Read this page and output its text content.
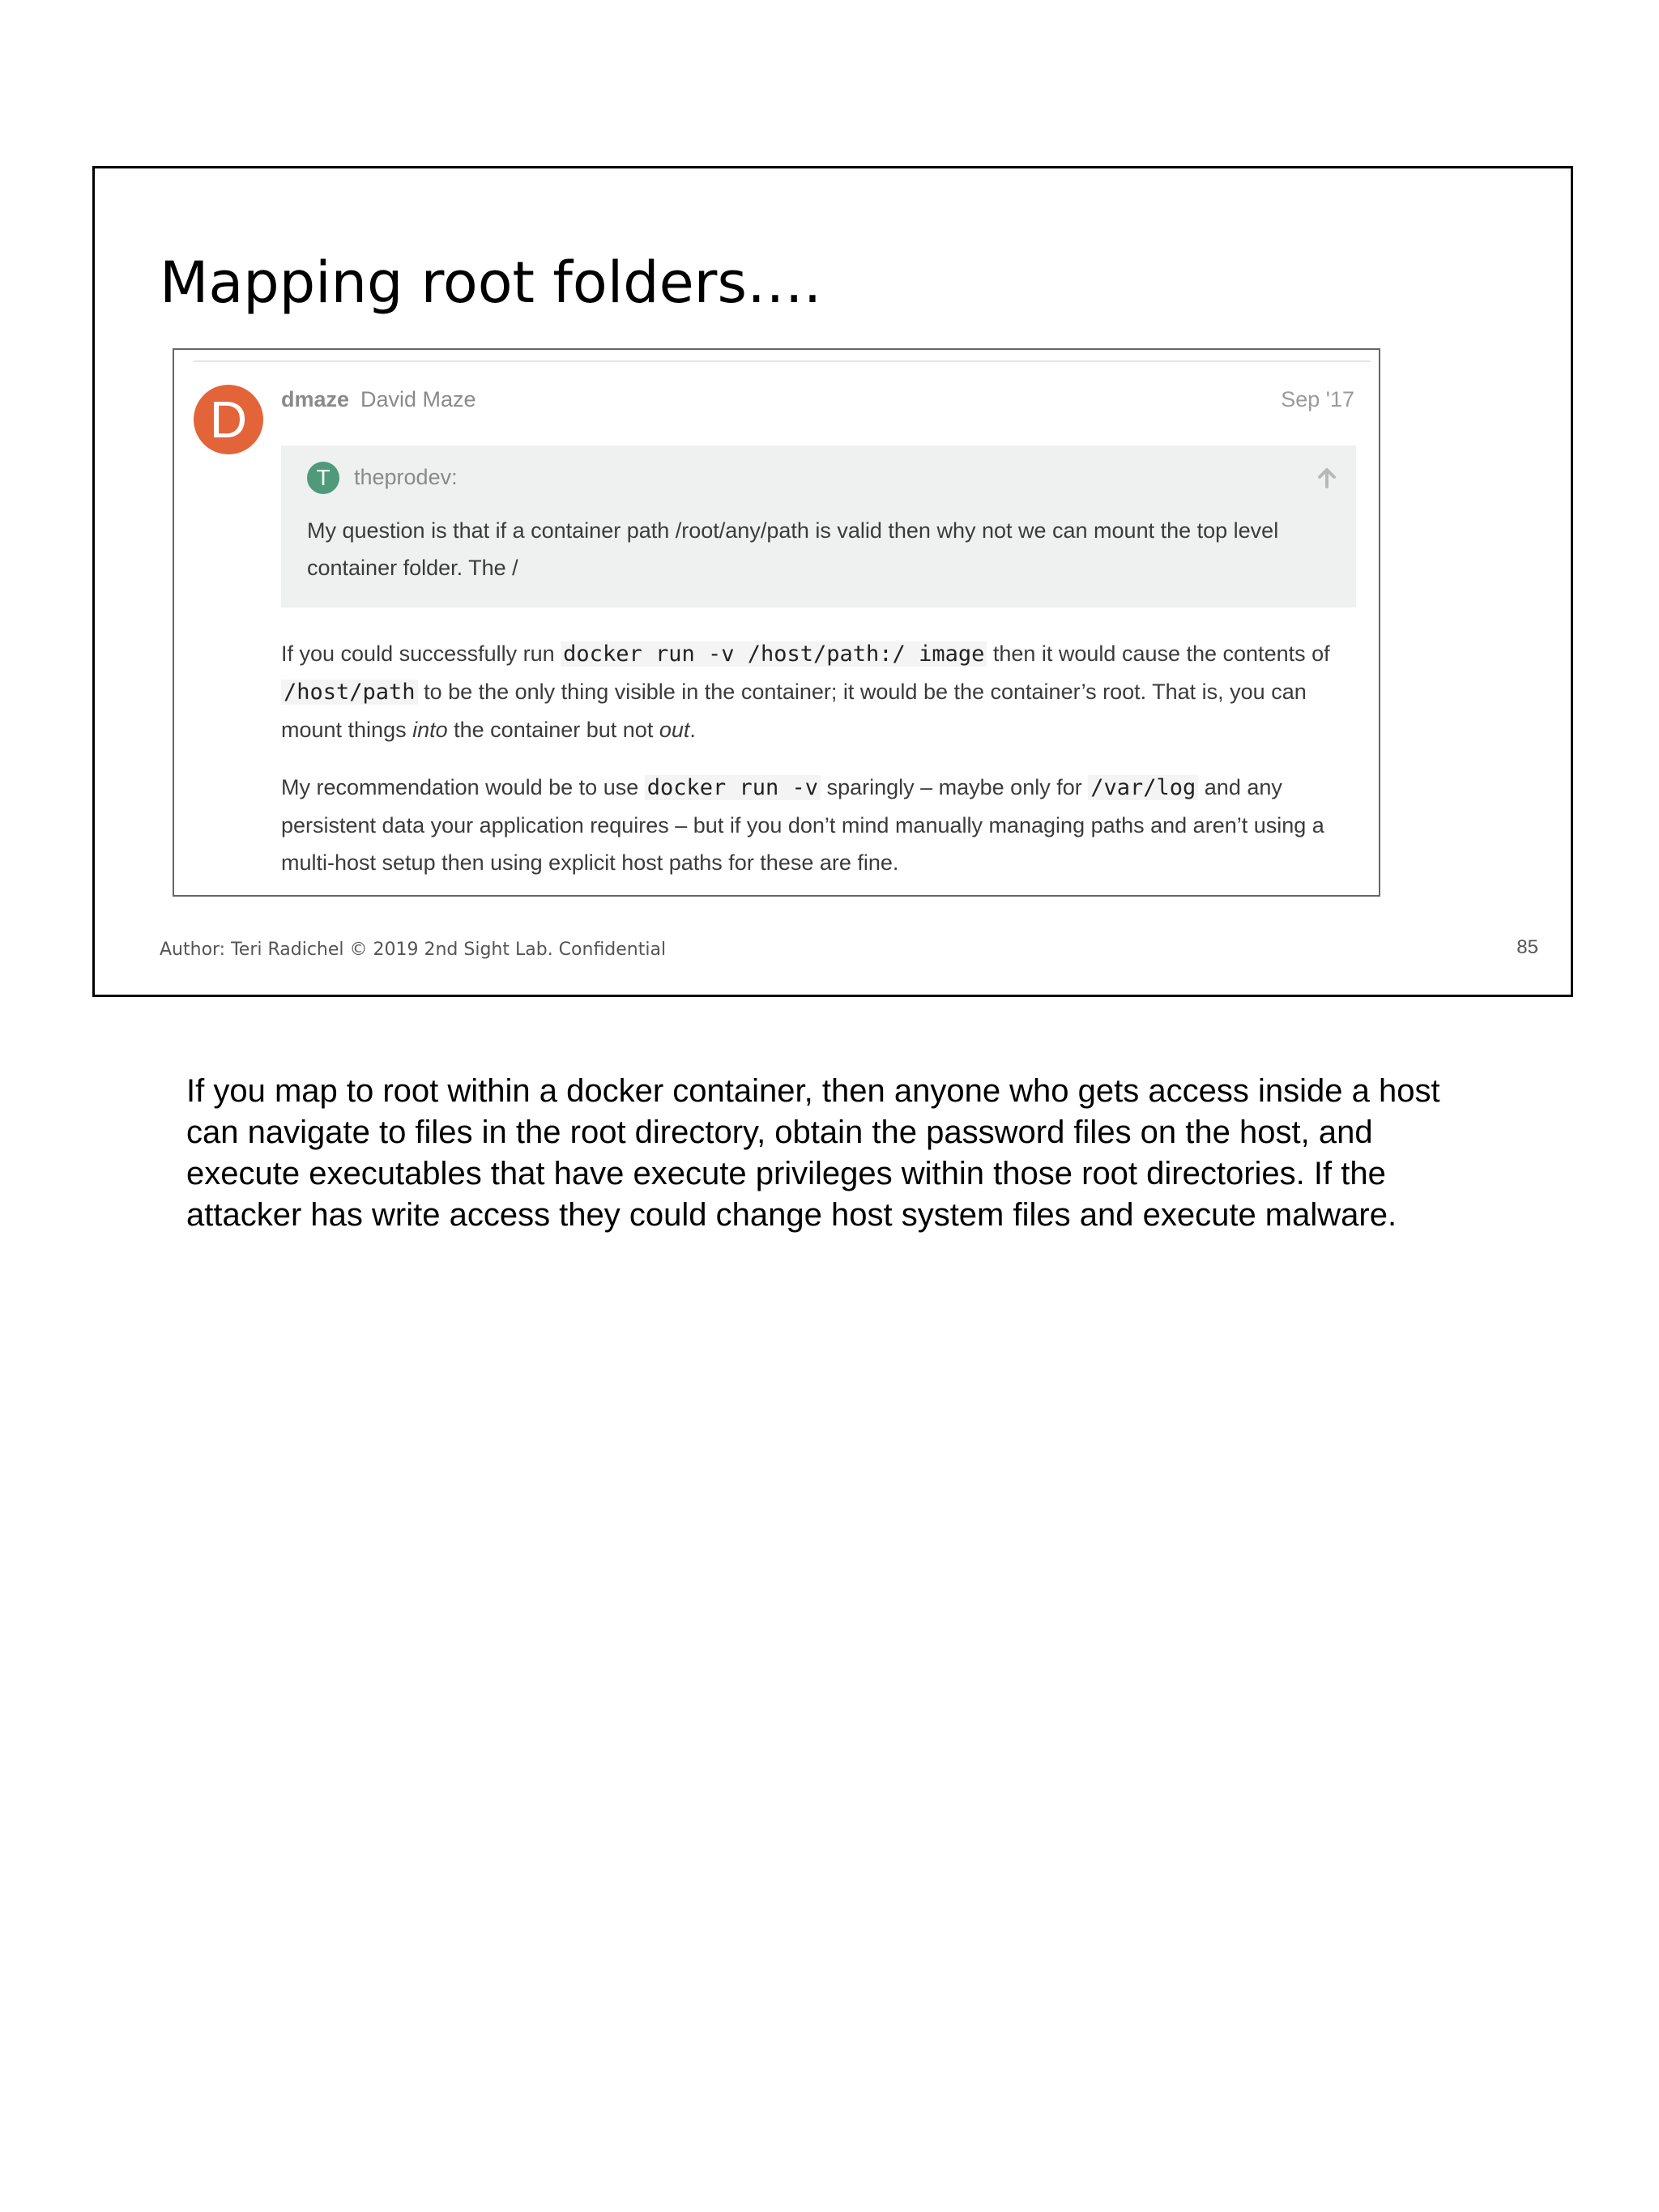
Mapping root folders….
D	dmaze David Maze	Sep '17
T	theprodev:
My question is that if a container path /root/any/path is valid then why not we can mount the top level container folder. The /
If you could successfully run docker run -v /host/path:/ image then it would cause the contents of /host/path to be the only thing visible in the container; it would be the container’s root. That is, you can mount things into the container but not out.
My recommendation would be to use docker run -v sparingly – maybe only for /var/log and any persistent data your application requires – but if you don’t mind manually managing paths and aren’t using a multi-host setup then using explicit host paths for these are fine.
Author: Teri Radichel © 2019 2nd Sight Lab. Confidential	85
If you map to root within a docker container, then anyone who gets access inside a host can navigate to files in the root directory, obtain the password files on the host, and execute executables that have execute privileges within those root directories. If the attacker has write access they could change host system files and execute malware.
